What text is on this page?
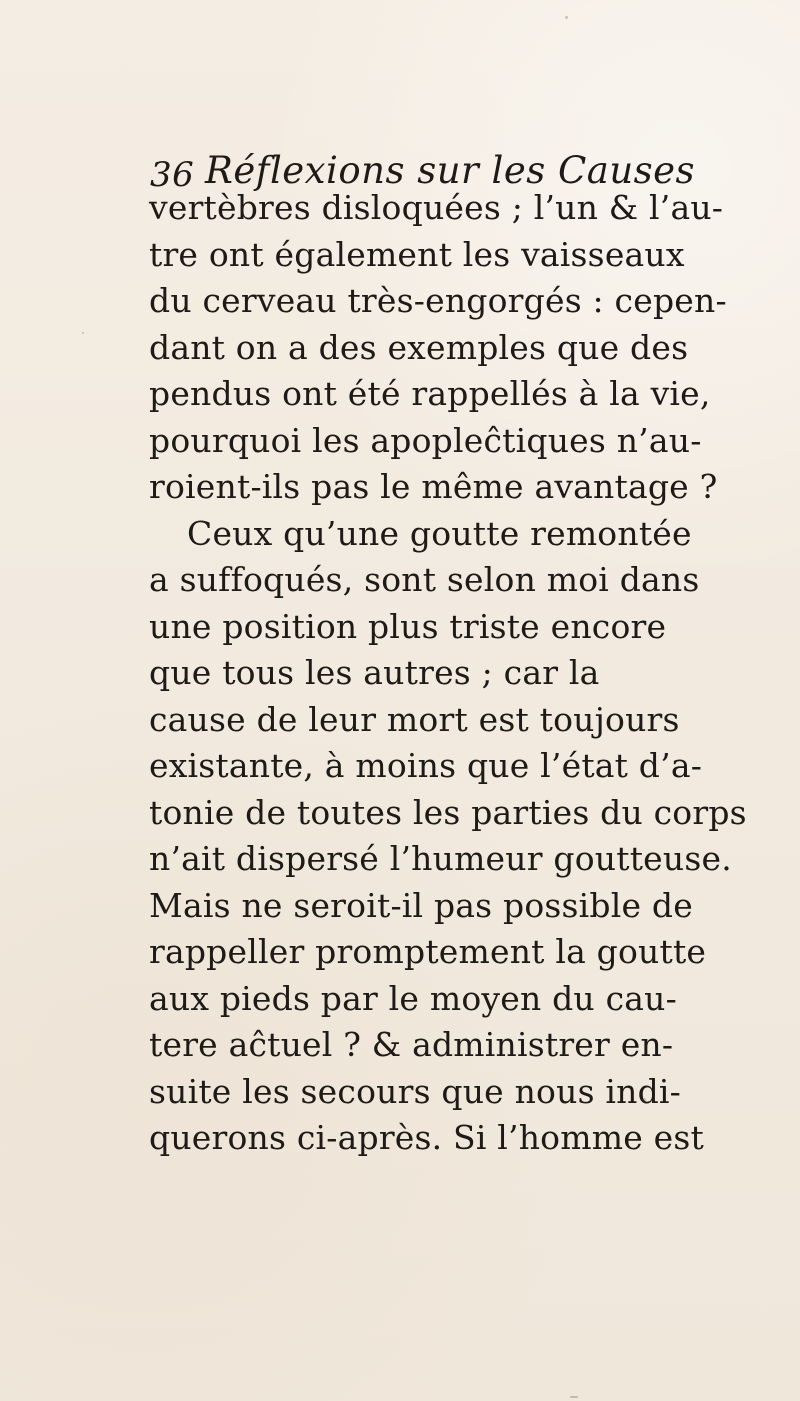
36 Réflexions sur les Causes
vertèbres disloquées ; l’un & l’au-
tre ont également les vaisseaux
du cerveau très-engorgés : cepen-
dant on a des exemples que des
pendus ont été rappellés à la vie,
pourquoi les apopleĉtiques n’au-
roient-ils pas le même avantage ?
Ceux qu’une goutte remontée
a suffoqués, sont selon moi dans
une position plus triste encore
que tous les autres ; car la
cause de leur mort est toujours
existante, à moins que l’état d’a-
tonie de toutes les parties du corps
n’ait dispersé l’humeur goutteuse.
Mais ne seroit-il pas possible de
rappeller promptement la goutte
aux pieds par le moyen du cau-
tere aĉtuel ? & administrer en-
suite les secours que nous indi-
querons ci-après. Si l’homme est
